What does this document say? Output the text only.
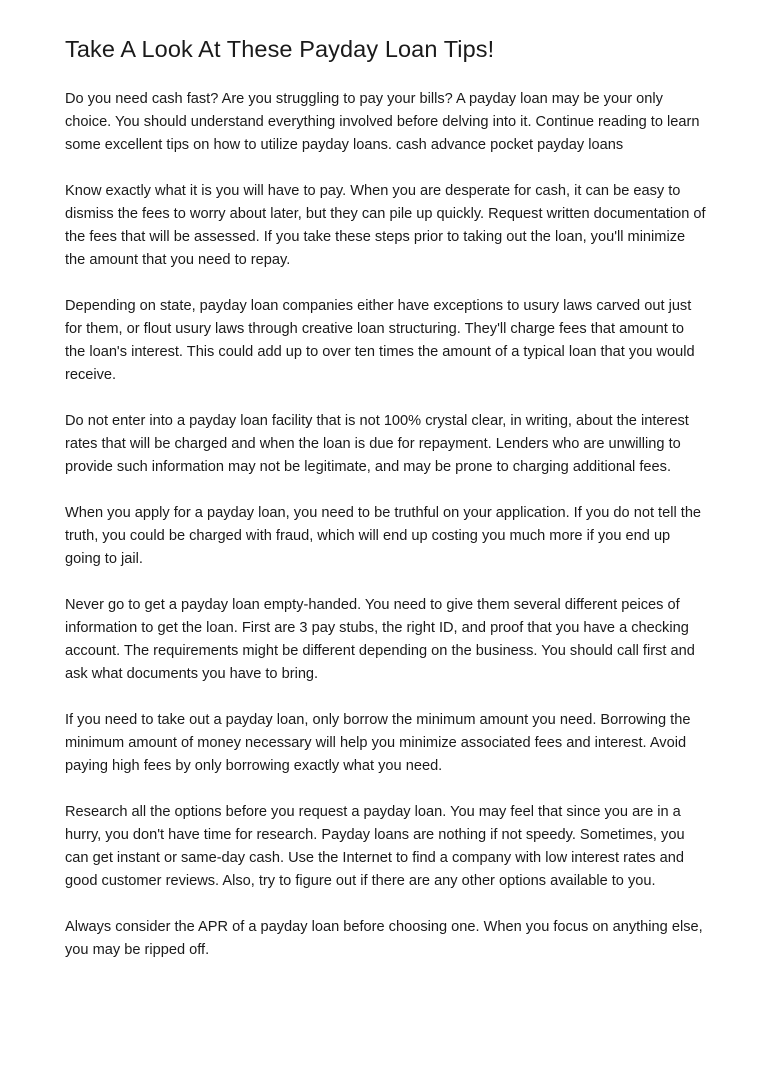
Take A Look At These Payday Loan Tips!

Do you need cash fast? Are you struggling to pay your bills? A payday loan may be your only choice. You should understand everything involved before delving into it. Continue reading to learn some excellent tips on how to utilize payday loans. cash advance pocket payday loans

Know exactly what it is you will have to pay. When you are desperate for cash, it can be easy to dismiss the fees to worry about later, but they can pile up quickly. Request written documentation of the fees that will be assessed. If you take these steps prior to taking out the loan, you'll minimize the amount that you need to repay.

Depending on state, payday loan companies either have exceptions to usury laws carved out just for them, or flout usury laws through creative loan structuring. They'll charge fees that amount to the loan's interest. This could add up to over ten times the amount of a typical loan that you would receive.

Do not enter into a payday loan facility that is not 100% crystal clear, in writing, about the interest rates that will be charged and when the loan is due for repayment. Lenders who are unwilling to provide such information may not be legitimate, and may be prone to charging additional fees.

When you apply for a payday loan, you need to be truthful on your application. If you do not tell the truth, you could be charged with fraud, which will end up costing you much more if you end up going to jail.

Never go to get a payday loan empty-handed. You need to give them several different peices of information to get the loan. First are 3 pay stubs, the right ID, and proof that you have a checking account. The requirements might be different depending on the business. You should call first and ask what documents you have to bring.

If you need to take out a payday loan, only borrow the minimum amount you need. Borrowing the minimum amount of money necessary will help you minimize associated fees and interest. Avoid paying high fees by only borrowing exactly what you need.

Research all the options before you request a payday loan. You may feel that since you are in a hurry, you don't have time for research. Payday loans are nothing if not speedy. Sometimes, you can get instant or same-day cash. Use the Internet to find a company with low interest rates and good customer reviews. Also, try to figure out if there are any other options available to you.

Always consider the APR of a payday loan before choosing one. When you focus on anything else, you may be ripped off.
